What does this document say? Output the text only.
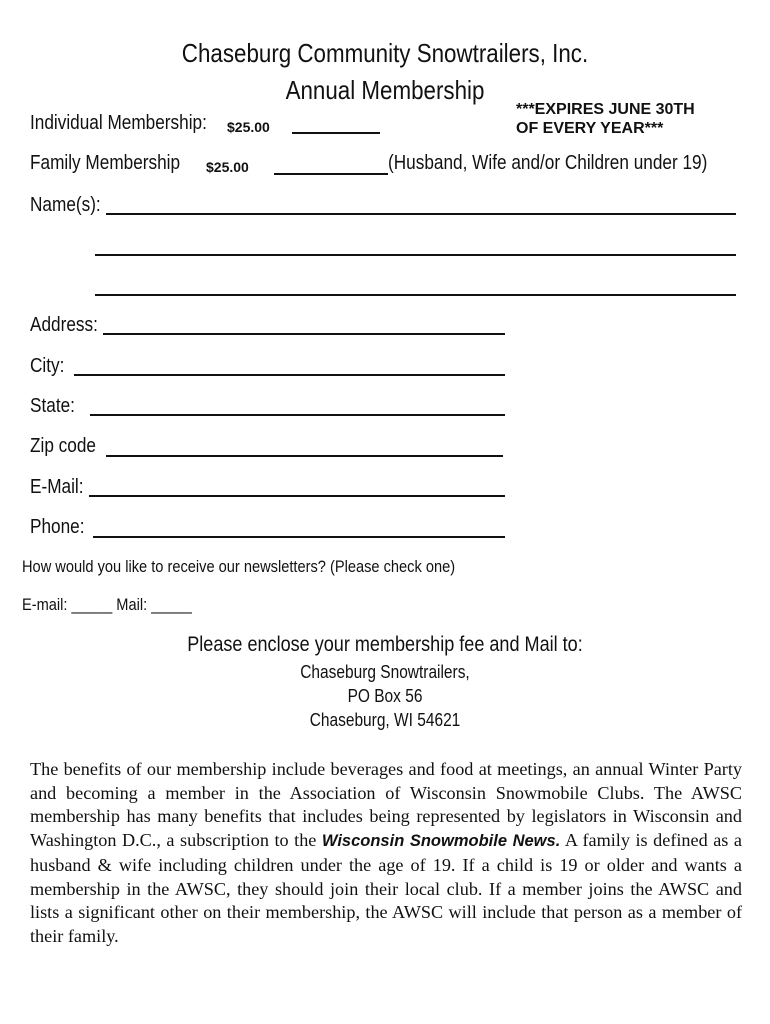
Chaseburg Community Snowtrailers, Inc.
Annual Membership
***EXPIRES JUNE 30TH
OF EVERY YEAR***
Individual Membership: $25.00
Family Membership $25.00	(Husband, Wife and/or Children under 19)
Name(s):
Address:
City:
State:
Zip code
E-Mail:
Phone:
How would you like to receive our newsletters? (Please check one)
E-mail: _____ Mail: _____
Please enclose your membership fee and Mail to:
Chaseburg Snowtrailers,
PO Box 56
Chaseburg, WI 54621
The benefits of our membership include beverages and food at meetings, an annual Winter Party and becoming a member in the Association of Wisconsin Snowmobile Clubs. The AWSC membership has many benefits that includes being represented by legislators in Wisconsin and Washington D.C., a subscription to the Wisconsin Snowmobile News. A family is defined as a husband & wife including children under the age of 19. If a child is 19 or older and wants a membership in the AWSC, they should join their local club. If a member joins the AWSC and lists a significant other on their membership, the AWSC will include that person as a member of their family.
